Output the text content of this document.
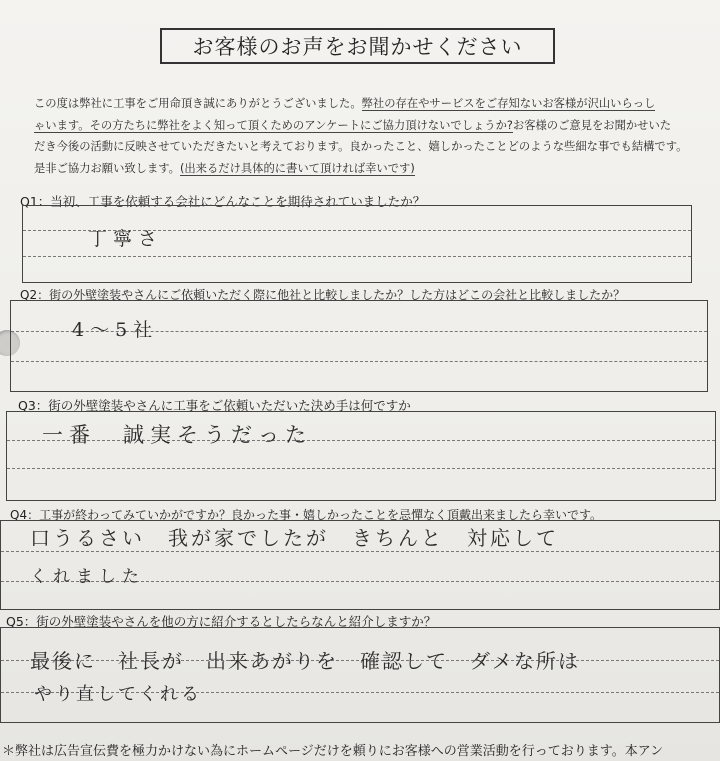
お客様のお声をお聞かせください
この度は弊社に工事をご用命頂き誠にありがとうございました。弊社の存在やサービスをご存知ないお客様が沢山いらっし
ゃいます。その方たちに弊社をよく知って頂くためのアンケートにご協力頂けないでしょうか?お客様のご意見をお聞かせいた
だき今後の活動に反映させていただきたいと考えております。良かったこと、嬉しかったことどのような些細な事でも結構です。
是非ご協力お願い致します。(出来るだけ具体的に書いて頂ければ幸いです)
Q1：当初、工事を依頼する会社にどんなことを期待されていましたか？
丁寧さ
Q2：街の外壁塗装やさんにご依頼いただく際に他社と比較しましたか？した方はどこの会社と比較しましたか？
4～5社
Q3：街の外壁塗装やさんに工事をご依頼いただいた決め手は何ですか
一番　誠実そうだった
Q4：工事が終わってみていかがですか？良かった事・嬉しかったことを忌憚なく頂戴出来ましたら幸いです。
口うるさい　我が家でしたが　きちんと　対応して
くれました
Q5：街の外壁塗装やさんを他の方に紹介するとしたらなんと紹介しますか？
最後に　社長が　出来あがりを　確認して　ダメな所は
やり直してくれる
＊弊社は広告宣伝費を極力かけない為にホームページだけを頼りにお客様への営業活動を行っております。本アン
